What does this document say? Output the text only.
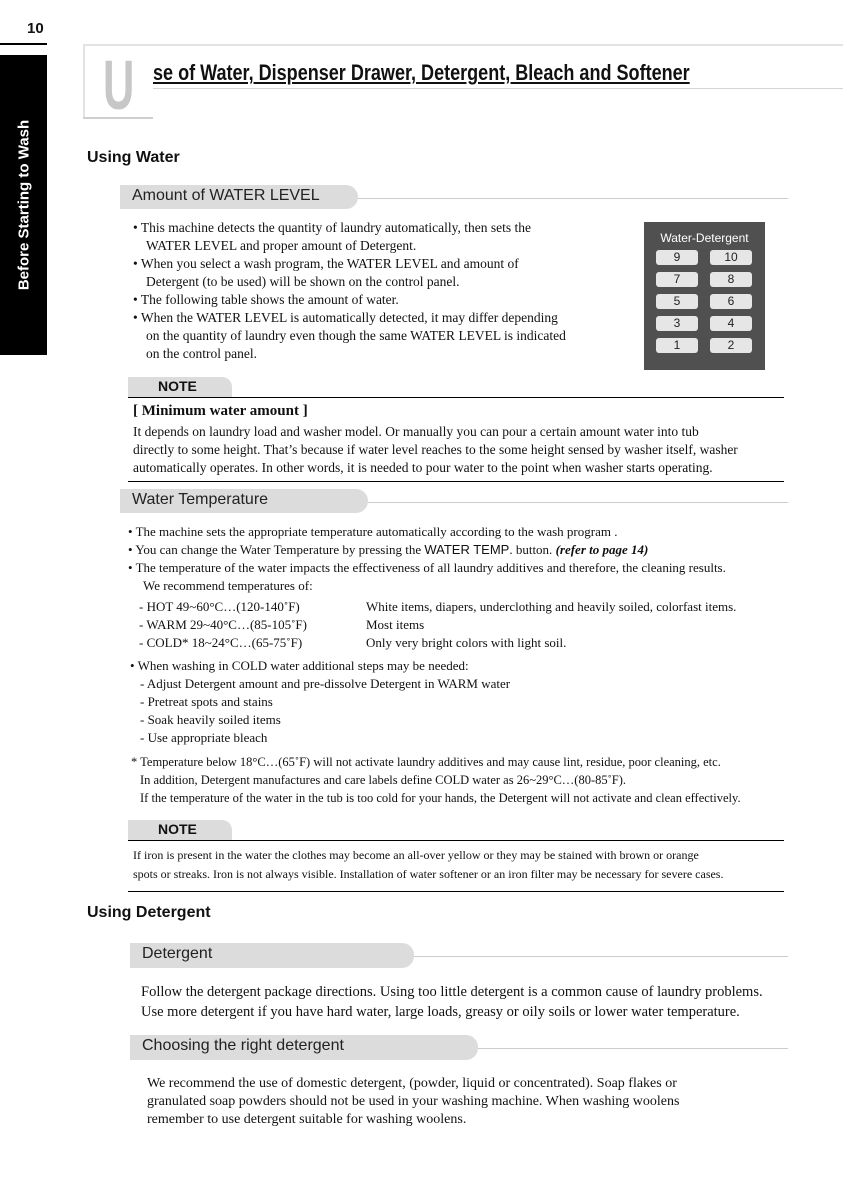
10
Before Starting to Wash
U se of Water, Dispenser Drawer, Detergent, Bleach and Softener
Using Water
Amount of WATER LEVEL
• This machine detects the quantity of laundry automatically, then sets the
WATER LEVEL and proper amount of Detergent.
• When you select a wash program, the WATER LEVEL and amount of
Detergent (to be used) will be shown on the control panel.
• The following table shows the amount of water.
• When the WATER LEVEL is automatically detected, it may differ depending
on the quantity of laundry even though the same WATER LEVEL is indicated
on the control panel.
Water-Detergent
9	10
7	8
5	6
3	4
1	2
NOTE
[ Minimum water amount ]
It depends on laundry load and washer model. Or manually you can pour a certain amount water into tub
directly to some height. That’s because if water level reaches to the some height sensed by washer itself, washer
automatically operates. In other words, it is needed to pour water to the point when washer starts operating.
Water Temperature
• The machine sets the appropriate temperature automatically according to the wash program .
• You can change the Water Temperature by pressing the WATER TEMP. button. (refer to page 14)
• The temperature of the water impacts the effectiveness of all laundry additives and therefore, the cleaning results.
We recommend temperatures of:
- HOT 49~60°C…(120-140˚F)	White items, diapers, underclothing and heavily soiled, colorfast items.
- WARM 29~40°C…(85-105˚F)	Most items
- COLD* 18~24°C…(65-75˚F)	Only very bright colors with light soil.
• When washing in COLD water additional steps may be needed:
- Adjust Detergent amount and pre-dissolve Detergent in WARM water
- Pretreat spots and stains
- Soak heavily soiled items
- Use appropriate bleach
* Temperature below 18°C…(65˚F) will not activate laundry additives and may cause lint, residue, poor cleaning, etc.
In addition, Detergent manufactures and care labels define COLD water as 26~29°C…(80-85˚F).
If the temperature of the water in the tub is too cold for your hands, the Detergent will not activate and clean effectively.
NOTE
If iron is present in the water the clothes may become an all-over yellow or they may be stained with brown or orange
spots or streaks. Iron is not always visible. Installation of water softener or an iron filter may be necessary for severe cases.
Using Detergent
Detergent
Follow the detergent package directions. Using too little detergent is a common cause of laundry problems.
Use more detergent if you have hard water, large loads, greasy or oily soils or lower water temperature.
Choosing the right detergent
We recommend the use of domestic detergent, (powder, liquid or concentrated). Soap flakes or
granulated soap powders should not be used in your washing machine. When washing woolens
remember to use detergent suitable for washing woolens.
